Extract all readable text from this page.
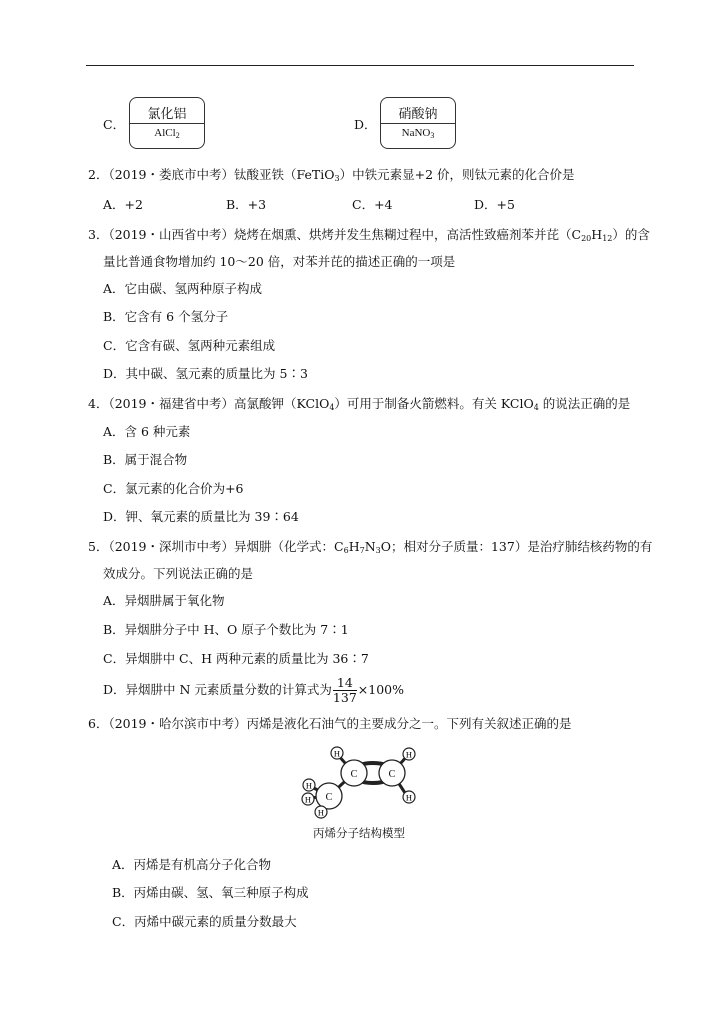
C．
氯化铝
AlCl$_2$
D．
硝酸钠
NaNO$_3$
2．（2019・娄底市中考）钛酸亚铁（FeTiO$_3$）中铁元素显+2 价，则钛元素的化合价是
A．+2	B．+3	C．+4	D．+5
3．（2019・山西省中考）烧烤在烟熏、烘烤并发生焦糊过程中，高活性致癌剂苯并芘$(C_{20}H_{12})$的含
量比普通食物增加约 10～20 倍，对苯并芘的描述正确的一项是
A．它由碳、氢两种原子构成
B．它含有 6 个氢分子
C．它含有碳、氢两种元素组成
D．其中碳、氢元素的质量比为 5∶3
4．（2019・福建省中考）高氯酸钾（KClO$_4$）可用于制备火箭燃料。有关 KClO$_4$ 的说法正确的是
A．含 6 种元素
B．属于混合物
C．氯元素的化合价为+6
D．钾、氧元素的质量比为 39∶64
5．（2019・深圳市中考）异烟肼（化学式：$C_6H_7N_3O$；相对分子质量：137）是治疗肺结核药物的有
效成分。下列说法正确的是
A．异烟肼属于氧化物
B．异烟肼分子中 H、O 原子个数比为 7∶1
C．异烟肼中 C、H 两种元素的质量比为 36∶7
D．异烟肼中 N 元素质量分数的计算式为 $\frac{14}{137} \times 100\%$
6．（2019・哈尔滨市中考）丙烯是液化石油气的主要成分之一。下列有关叙述正确的是
C	C
C
H	H
H
H
H
H
丙烯分子结构模型
A．丙烯是有机高分子化合物
B．丙烯由碳、氢、氧三种原子构成
C．丙烯中碳元素的质量分数最大
